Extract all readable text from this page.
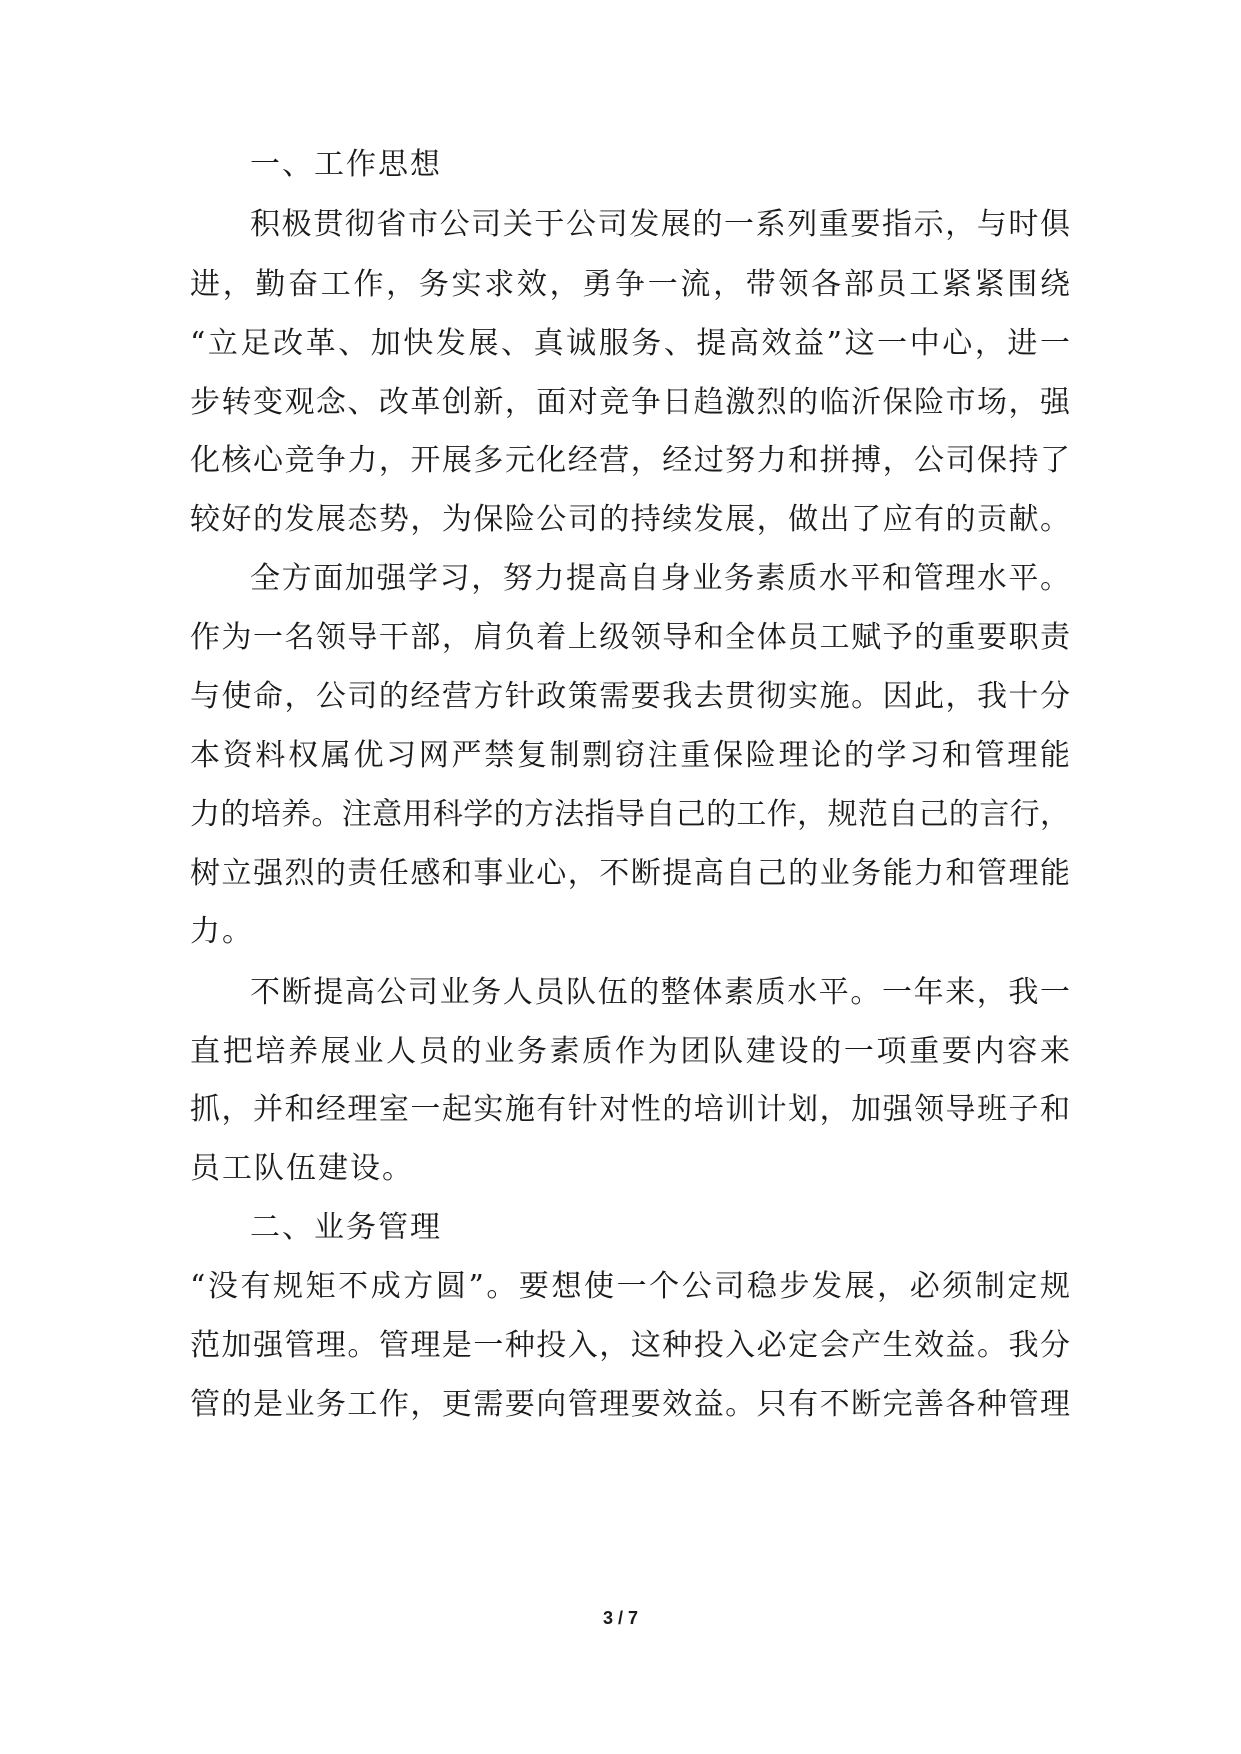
一、工作思想
积极贯彻省市公司关于公司发展的一系列重要指示，与时俱
进，勤奋工作，务实求效，勇争一流，带领各部员工紧紧围绕
“立足改革、加快发展、真诚服务、提高效益”这一中心，进一
步转变观念、改革创新，面对竞争日趋激烈的临沂保险市场，强
化核心竞争力，开展多元化经营，经过努力和拼搏，公司保持了
较好的发展态势，为保险公司的持续发展，做出了应有的贡献。
全方面加强学习，努力提高自身业务素质水平和管理水平。
作为一名领导干部，肩负着上级领导和全体员工赋予的重要职责
与使命，公司的经营方针政策需要我去贯彻实施。因此，我十分
本资料权属优习网严禁复制剽窃注重保险理论的学习和管理能
力的培养。注意用科学的方法指导自己的工作，规范自己的言行，
树立强烈的责任感和事业心，不断提高自己的业务能力和管理能
力。
不断提高公司业务人员队伍的整体素质水平。一年来，我一
直把培养展业人员的业务素质作为团队建设的一项重要内容来
抓，并和经理室一起实施有针对性的培训计划，加强领导班子和
员工队伍建设。
二、业务管理
“没有规矩不成方圆”。要想使一个公司稳步发展，必须制定规
范加强管理。管理是一种投入，这种投入必定会产生效益。我分
管的是业务工作，更需要向管理要效益。只有不断完善各种管理
3 / 7
